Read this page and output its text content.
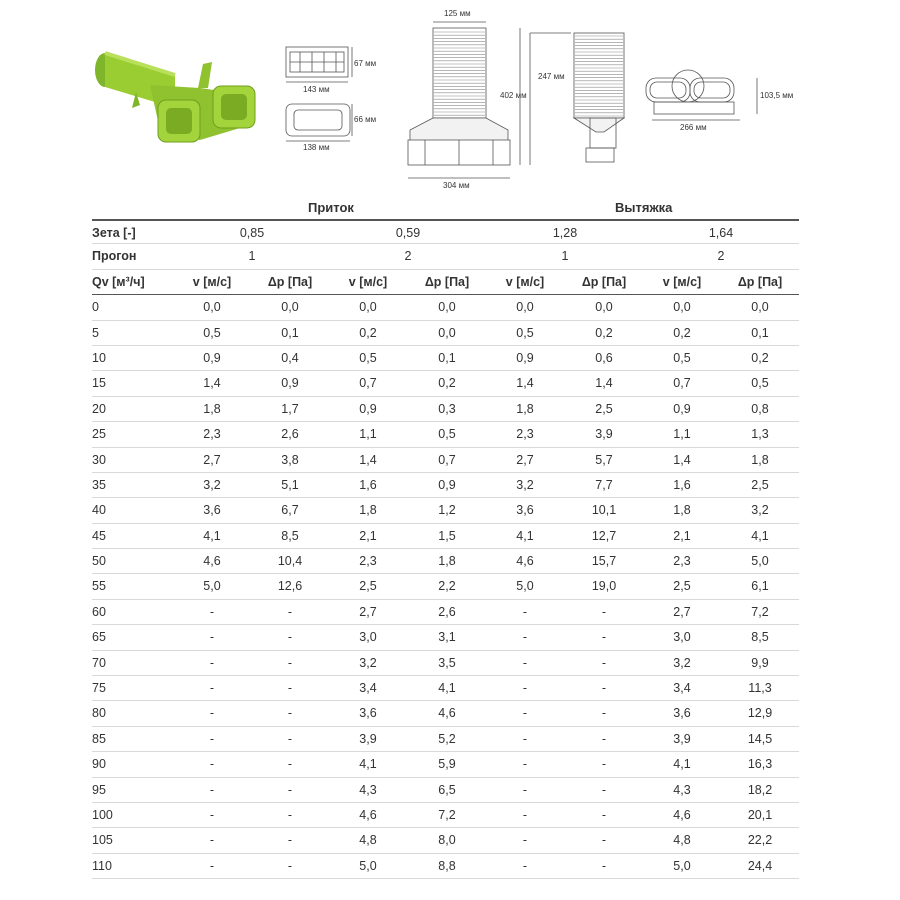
67 мм
143 мм
66 мм
138 мм
125 мм
402 мм
304 мм
247 мм
103,5 мм
266 мм
Приток	Вытяжка
Зета [-]	0,85	0,59	1,28	1,64
Прогон	1	2	1	2
Qv [м³/ч]	v [м/с]	Δp [Па]	v [м/с]	Δp [Па]	v [м/с]	Δp [Па]	v [м/с]	Δp [Па]
0	0,0	0,0	0,0	0,0	0,0	0,0	0,0	0,0
5	0,5	0,1	0,2	0,0	0,5	0,2	0,2	0,1
10	0,9	0,4	0,5	0,1	0,9	0,6	0,5	0,2
15	1,4	0,9	0,7	0,2	1,4	1,4	0,7	0,5
20	1,8	1,7	0,9	0,3	1,8	2,5	0,9	0,8
25	2,3	2,6	1,1	0,5	2,3	3,9	1,1	1,3
30	2,7	3,8	1,4	0,7	2,7	5,7	1,4	1,8
35	3,2	5,1	1,6	0,9	3,2	7,7	1,6	2,5
40	3,6	6,7	1,8	1,2	3,6	10,1	1,8	3,2
45	4,1	8,5	2,1	1,5	4,1	12,7	2,1	4,1
50	4,6	10,4	2,3	1,8	4,6	15,7	2,3	5,0
55	5,0	12,6	2,5	2,2	5,0	19,0	2,5	6,1
60	-	-	2,7	2,6	-	-	2,7	7,2
65	-	-	3,0	3,1	-	-	3,0	8,5
70	-	-	3,2	3,5	-	-	3,2	9,9
75	-	-	3,4	4,1	-	-	3,4	11,3
80	-	-	3,6	4,6	-	-	3,6	12,9
85	-	-	3,9	5,2	-	-	3,9	14,5
90	-	-	4,1	5,9	-	-	4,1	16,3
95	-	-	4,3	6,5	-	-	4,3	18,2
100	-	-	4,6	7,2	-	-	4,6	20,1
105	-	-	4,8	8,0	-	-	4,8	22,2
110	-	-	5,0	8,8	-	-	5,0	24,4
